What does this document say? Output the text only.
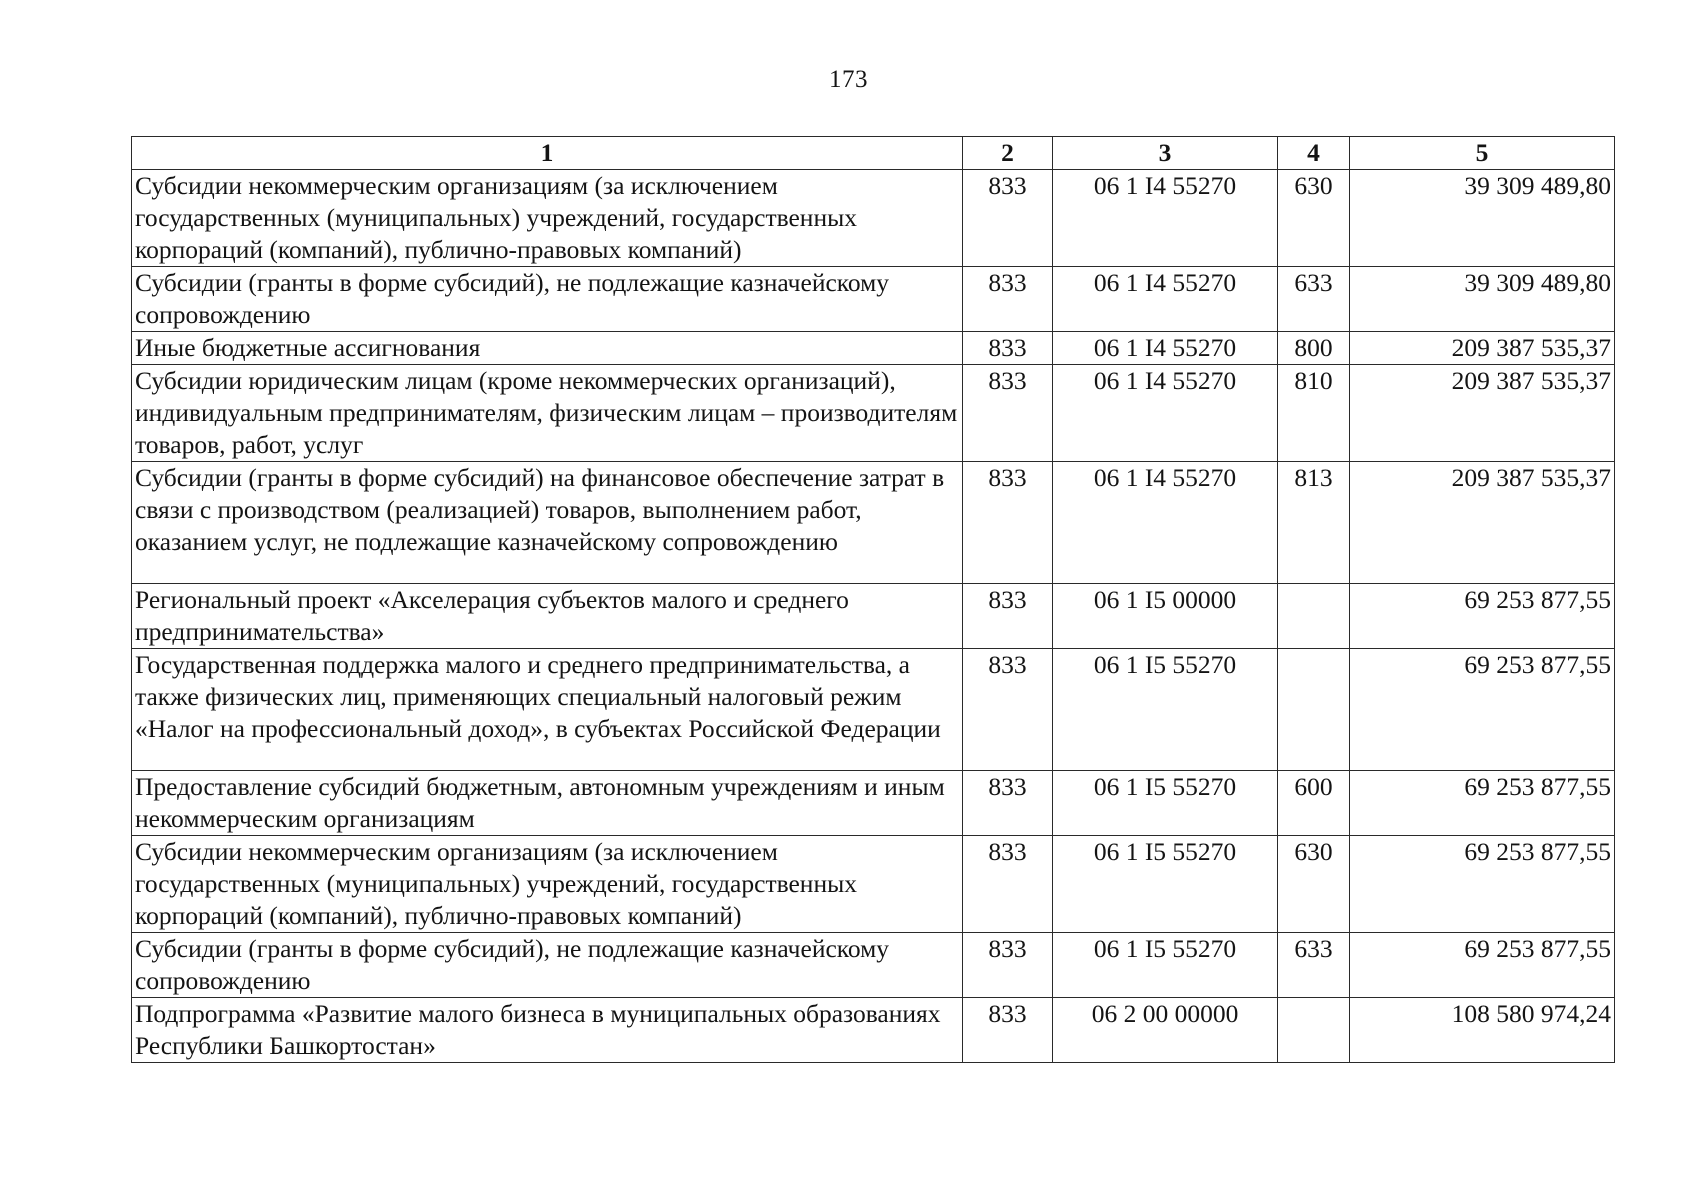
173
1	2	3	4	5
Субсидии некоммерческим организациям (за исключением государственных (муниципальных) учреждений, государственных корпораций (компаний), публично-правовых компаний)	833	06 1 I4 55270	630	39 309 489,80
Субсидии (гранты в форме субсидий), не подлежащие казначейскому сопровождению	833	06 1 I4 55270	633	39 309 489,80
Иные бюджетные ассигнования	833	06 1 I4 55270	800	209 387 535,37
Субсидии юридическим лицам (кроме некоммерческих организаций), индивидуальным предпринимателям, физическим лицам – производителям товаров, работ, услуг	833	06 1 I4 55270	810	209 387 535,37
Субсидии (гранты в форме субсидий) на финансовое обеспечение затрат в связи с производством (реализацией) товаров, выполнением работ, оказанием услуг, не подлежащие казначейскому сопровождению	833	06 1 I4 55270	813	209 387 535,37
Региональный проект «Акселерация субъектов малого и среднего предпринимательства»	833	06 1 I5 00000		69 253 877,55
Государственная поддержка малого и среднего предпринимательства, а также физических лиц, применяющих специальный налоговый режим «Налог на профессиональный доход», в субъектах Российской Федерации	833	06 1 I5 55270		69 253 877,55
Предоставление субсидий бюджетным, автономным учреждениям и иным некоммерческим организациям	833	06 1 I5 55270	600	69 253 877,55
Субсидии некоммерческим организациям (за исключением государственных (муниципальных) учреждений, государственных корпораций (компаний), публично-правовых компаний)	833	06 1 I5 55270	630	69 253 877,55
Субсидии (гранты в форме субсидий), не подлежащие казначейскому сопровождению	833	06 1 I5 55270	633	69 253 877,55
Подпрограмма «Развитие малого бизнеса в муниципальных образованиях Республики Башкортостан»	833	06 2 00 00000		108 580 974,24
